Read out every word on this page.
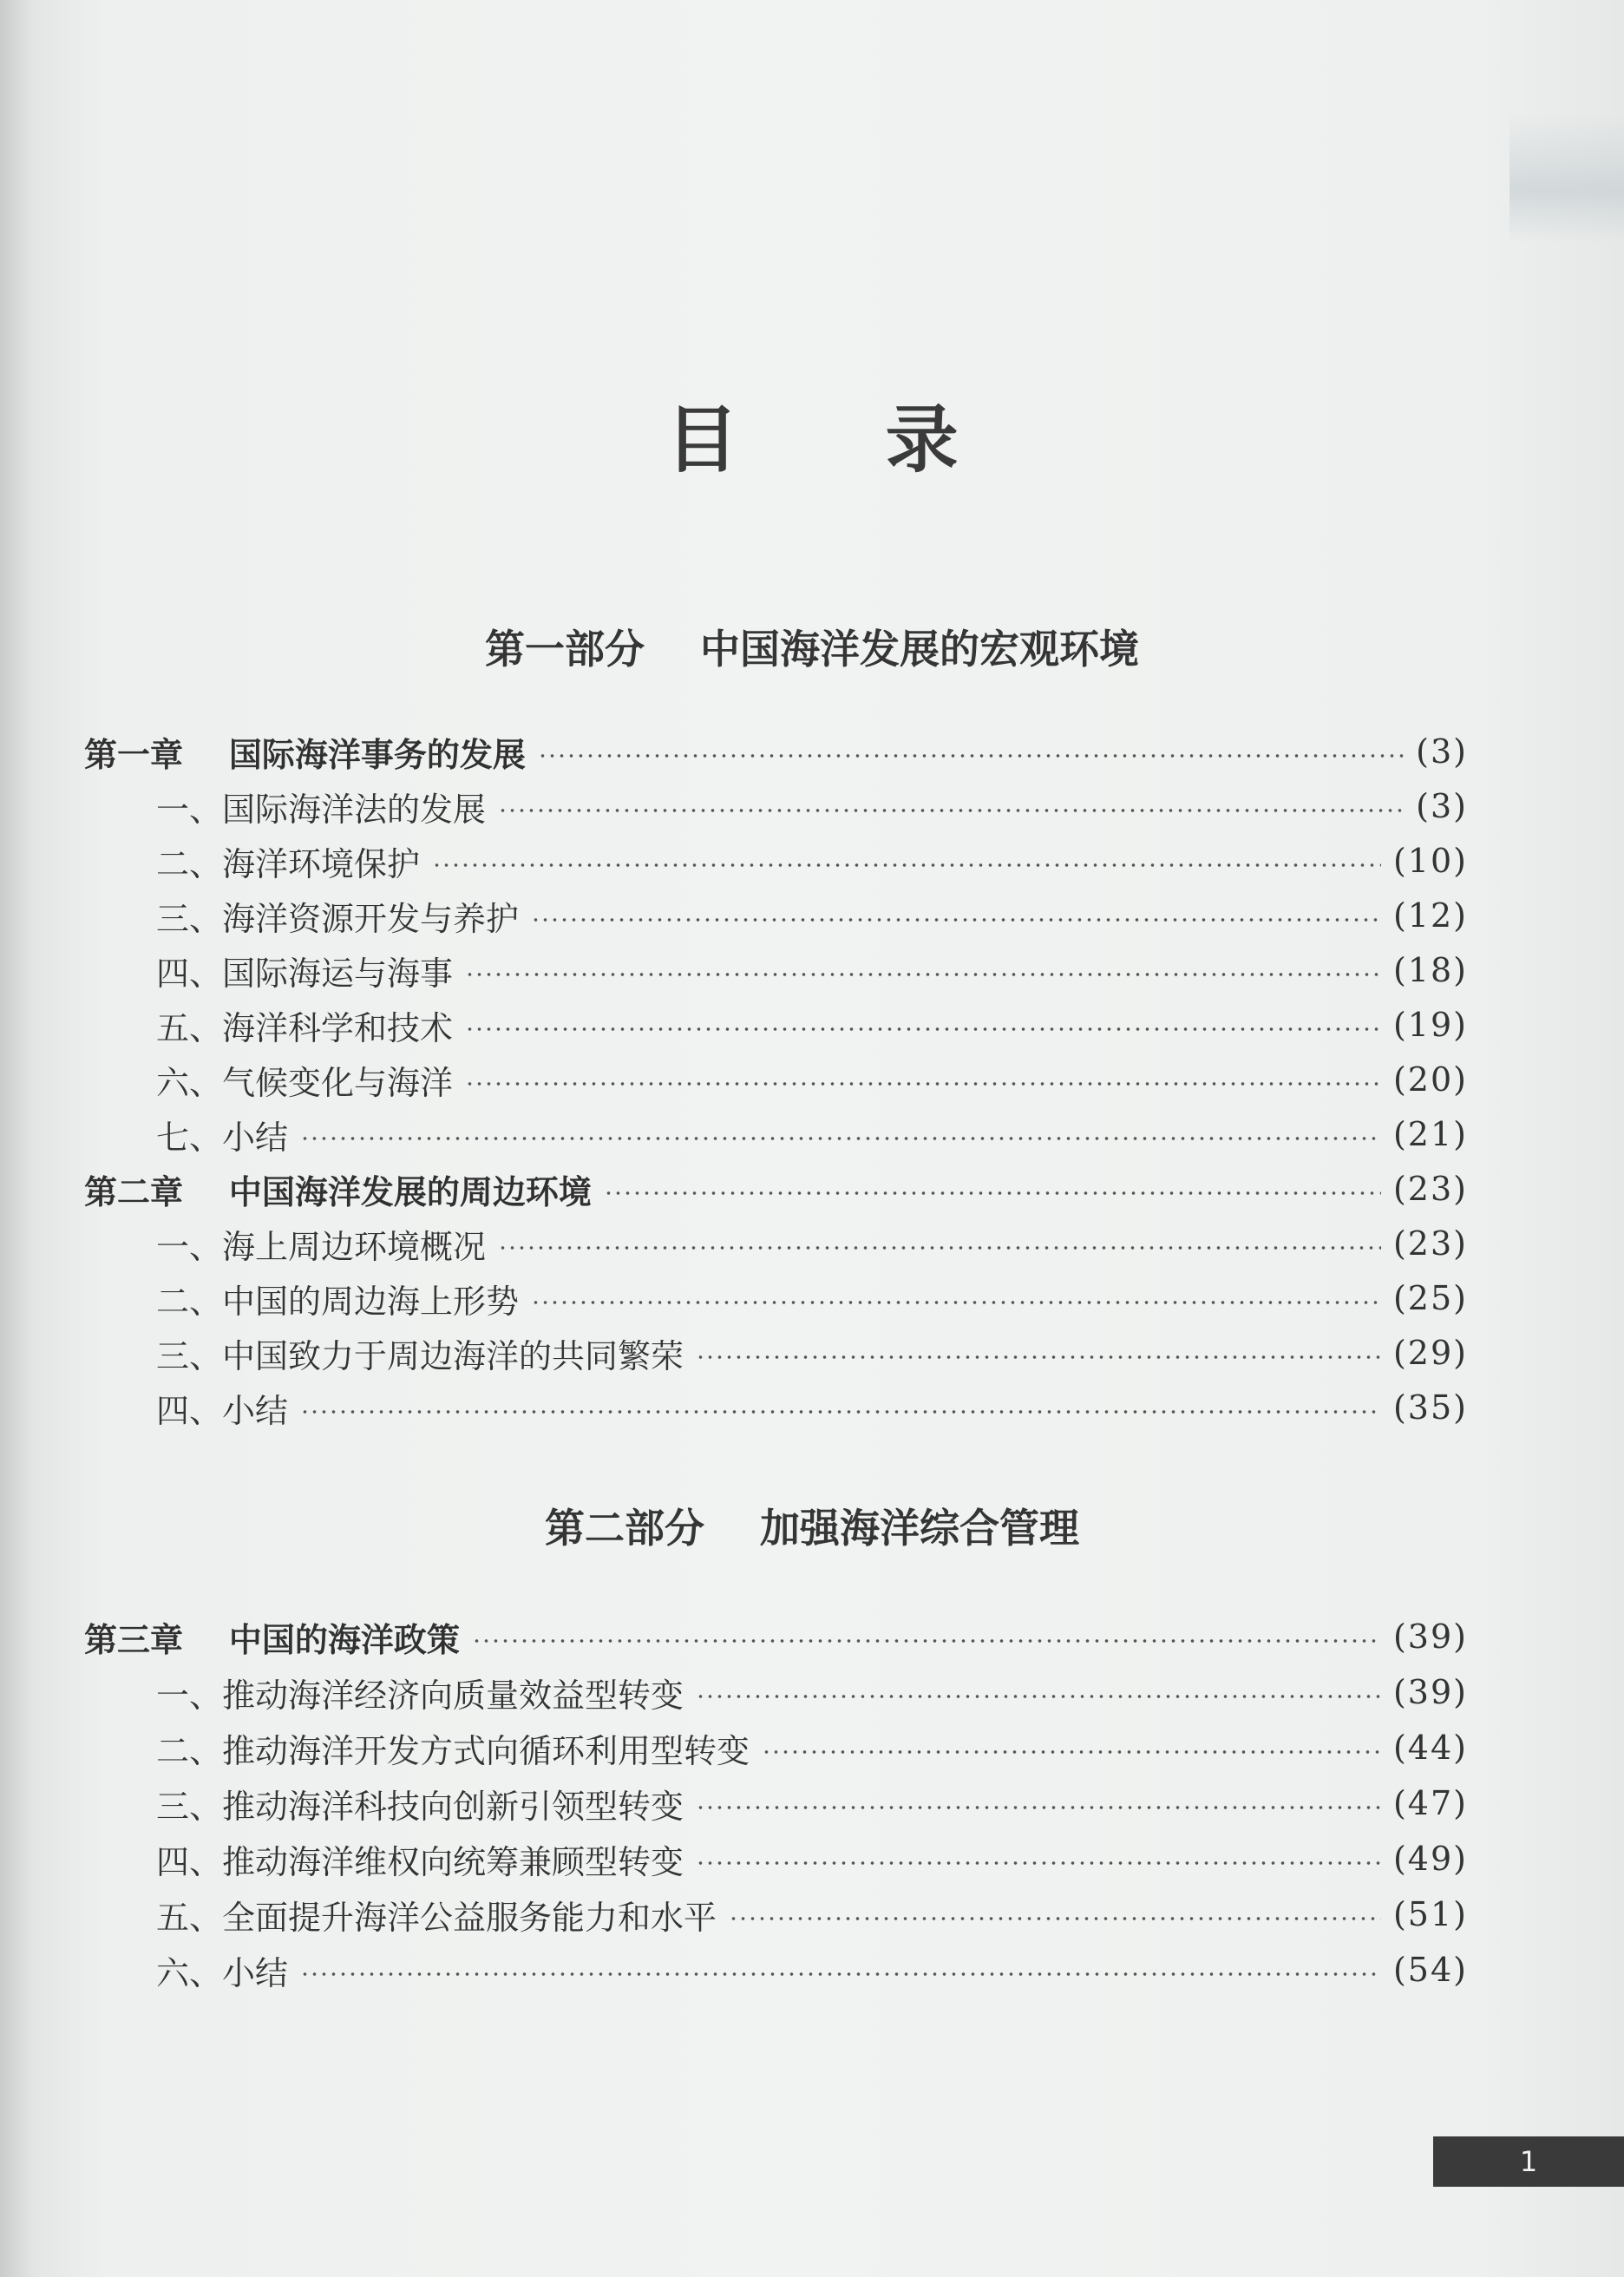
目 录
第一部分    中国海洋发展的宏观环境
第一章    国际海洋事务的发展	(3)
一、国际海洋法的发展	(3)
二、海洋环境保护	(10)
三、海洋资源开发与养护	(12)
四、国际海运与海事	(18)
五、海洋科学和技术	(19)
六、气候变化与海洋	(20)
七、小结	(21)
第二章    中国海洋发展的周边环境	(23)
一、海上周边环境概况	(23)
二、中国的周边海上形势	(25)
三、中国致力于周边海洋的共同繁荣	(29)
四、小结	(35)
第二部分    加强海洋综合管理
第三章    中国的海洋政策	(39)
一、推动海洋经济向质量效益型转变	(39)
二、推动海洋开发方式向循环利用型转变	(44)
三、推动海洋科技向创新引领型转变	(47)
四、推动海洋维权向统筹兼顾型转变	(49)
五、全面提升海洋公益服务能力和水平	(51)
六、小结	(54)
1
